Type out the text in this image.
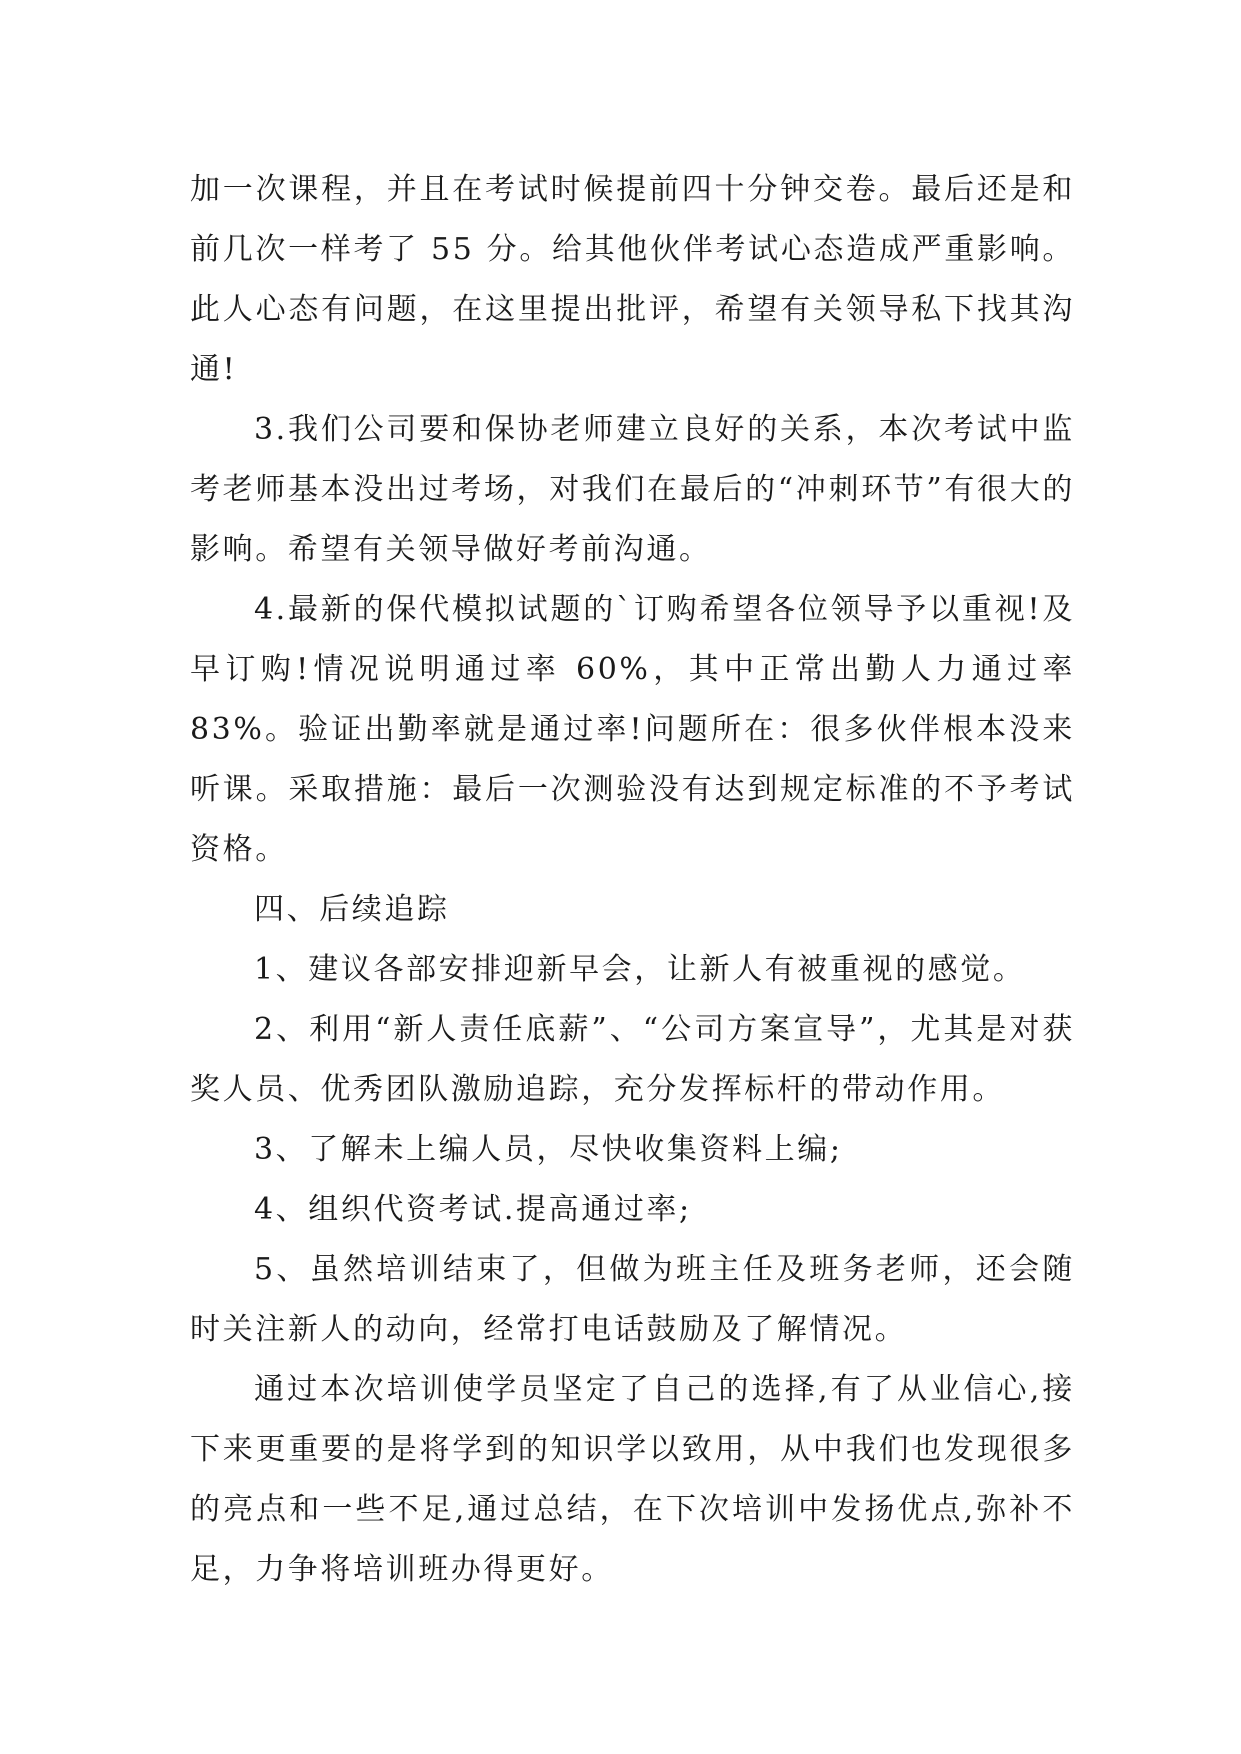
加一次课程，并且在考试时候提前四十分钟交卷。最后还是和前几次一样考了 55 分。给其他伙伴考试心态造成严重影响。此人心态有问题，在这里提出批评，希望有关领导私下找其沟通!

3.我们公司要和保协老师建立良好的关系，本次考试中监考老师基本没出过考场，对我们在最后的“冲刺环节”有很大的影响。希望有关领导做好考前沟通。

4.最新的保代模拟试题的`订购希望各位领导予以重视!及早订购!情况说明通过率 60%，其中正常出勤人力通过率 83%。验证出勤率就是通过率!问题所在：很多伙伴根本没来听课。采取措施：最后一次测验没有达到规定标准的不予考试资格。

四、后续追踪

1、建议各部安排迎新早会，让新人有被重视的感觉。

2、利用“新人责任底薪”、“公司方案宣导”，尤其是对获奖人员、优秀团队激励追踪，充分发挥标杆的带动作用。

3、了解未上编人员，尽快收集资料上编;

4、组织代资考试.提高通过率;

5、虽然培训结束了，但做为班主任及班务老师，还会随时关注新人的动向，经常打电话鼓励及了解情况。

通过本次培训使学员坚定了自己的选择,有了从业信心,接下来更重要的是将学到的知识学以致用，从中我们也发现很多的亮点和一些不足,通过总结，在下次培训中发扬优点,弥补不足，力争将培训班办得更好。
